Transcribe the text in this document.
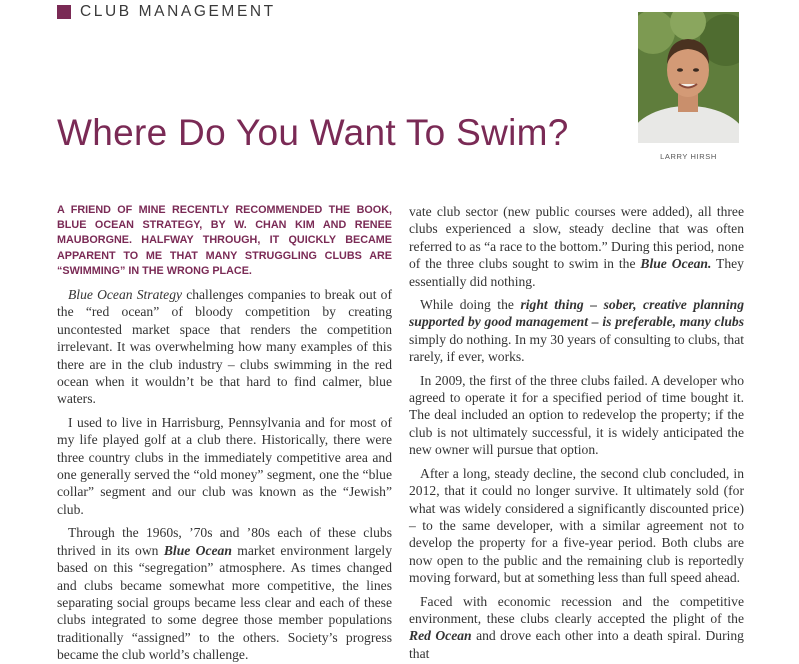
CLUB MANAGEMENT
LARRY HIRSH
Where Do You Want To Swim?

A FRIEND OF MINE RECENTLY RECOMMENDED THE BOOK, BLUE OCEAN STRATEGY, BY W. CHAN KIM AND RENEE MAUBORGNE. HALFWAY THROUGH, IT QUICKLY BECAME APPARENT TO ME THAT MANY STRUGGLING CLUBS ARE “SWIMMING” IN THE WRONG PLACE.

Blue Ocean Strategy challenges companies to break out of the “red ocean” of bloody competition by creating uncontested market space that renders the competition irrelevant. It was overwhelming how many examples of this there are in the club industry – clubs swimming in the red ocean when it wouldn’t be that hard to find calmer, blue waters.

I used to live in Harrisburg, Pennsylvania and for most of my life played golf at a club there. Historically, there were three country clubs in the immediately competitive area and one generally served the “old money” segment, one the “blue collar” segment and our club was known as the “Jewish” club.

Through the 1960s, ’70s and ’80s each of these clubs thrived in its own Blue Ocean market environment largely based on this “segregation” atmosphere. As times changed and clubs became somewhat more competitive, the lines separating social groups became less clear and each of these clubs integrated to some degree those member populations traditionally “assigned” to the others. Society’s progress became the club world’s challenge.

vate club sector (new public courses were added), all three clubs experienced a slow, steady decline that was often referred to as “a race to the bottom.” During this period, none of the three clubs sought to swim in the Blue Ocean. They essentially did nothing.

While doing the right thing – sober, creative planning supported by good management – is preferable, many clubs simply do nothing. In my 30 years of consulting to clubs, that rarely, if ever, works.

In 2009, the first of the three clubs failed. A developer who agreed to operate it for a specified period of time bought it. The deal included an option to redevelop the property; if the club is not ultimately successful, it is widely anticipated the new owner will pursue that option.

After a long, steady decline, the second club concluded, in 2012, that it could no longer survive. It ultimately sold (for what was widely considered a significantly discounted price) – to the same developer, with a similar agreement not to develop the property for a five-year period. Both clubs are now open to the public and the remaining club is reportedly moving forward, but at something less than full speed ahead.

Faced with economic recession and the competitive environment, these clubs clearly accepted the plight of the Red Ocean and drove each other into a death spiral. During that
